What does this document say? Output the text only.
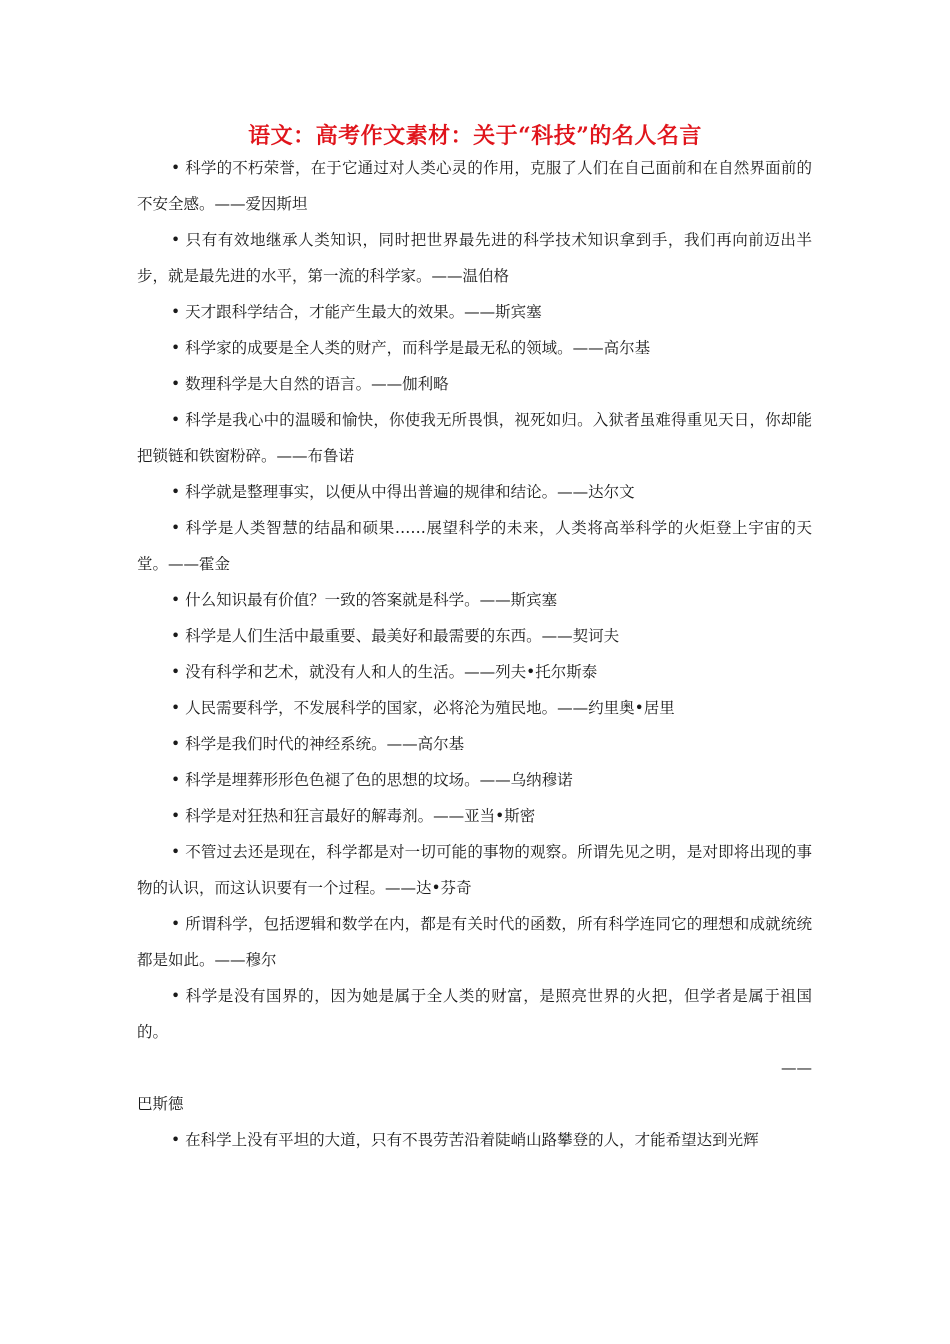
语文：高考作文素材：关于“科技”的名人名言

• 科学的不朽荣誉，在于它通过对人类心灵的作用，克服了人们在自己面前和在自然界面前的不安全感。——爱因斯坦

• 只有有效地继承人类知识，同时把世界最先进的科学技术知识拿到手，我们再向前迈出半步，就是最先进的水平，第一流的科学家。——温伯格

• 天才跟科学结合，才能产生最大的效果。——斯宾塞

• 科学家的成要是全人类的财产，而科学是最无私的领域。——高尔基

• 数理科学是大自然的语言。——伽利略

• 科学是我心中的温暖和愉快，你使我无所畏惧，视死如归。入狱者虽难得重见天日，你却能把锁链和铁窗粉碎。——布鲁诺

• 科学就是整理事实，以便从中得出普遍的规律和结论。——达尔文

• 科学是人类智慧的结晶和硕果……展望科学的未来，人类将高举科学的火炬登上宇宙的天堂。——霍金

• 什么知识最有价值？一致的答案就是科学。——斯宾塞

• 科学是人们生活中最重要、最美好和最需要的东西。——契诃夫

• 没有科学和艺术，就没有人和人的生活。——列夫•托尔斯泰

• 人民需要科学，不发展科学的国家，必将沦为殖民地。——约里奥•居里

• 科学是我们时代的神经系统。——高尔基

• 科学是埋葬形形色色褪了色的思想的坟场。——乌纳穆诺

• 科学是对狂热和狂言最好的解毒剂。——亚当•斯密

• 不管过去还是现在，科学都是对一切可能的事物的观察。所谓先见之明，是对即将出现的事物的认识，而这认识要有一个过程。——达•芬奇

• 所谓科学，包括逻辑和数学在内，都是有关时代的函数，所有科学连同它的理想和成就统统都是如此。——穆尔

• 科学是没有国界的，因为她是属于全人类的财富，是照亮世界的火把，但学者是属于祖国的。
——
巴斯德

• 在科学上没有平坦的大道，只有不畏劳苦沿着陡峭山路攀登的人，才能希望达到光辉
